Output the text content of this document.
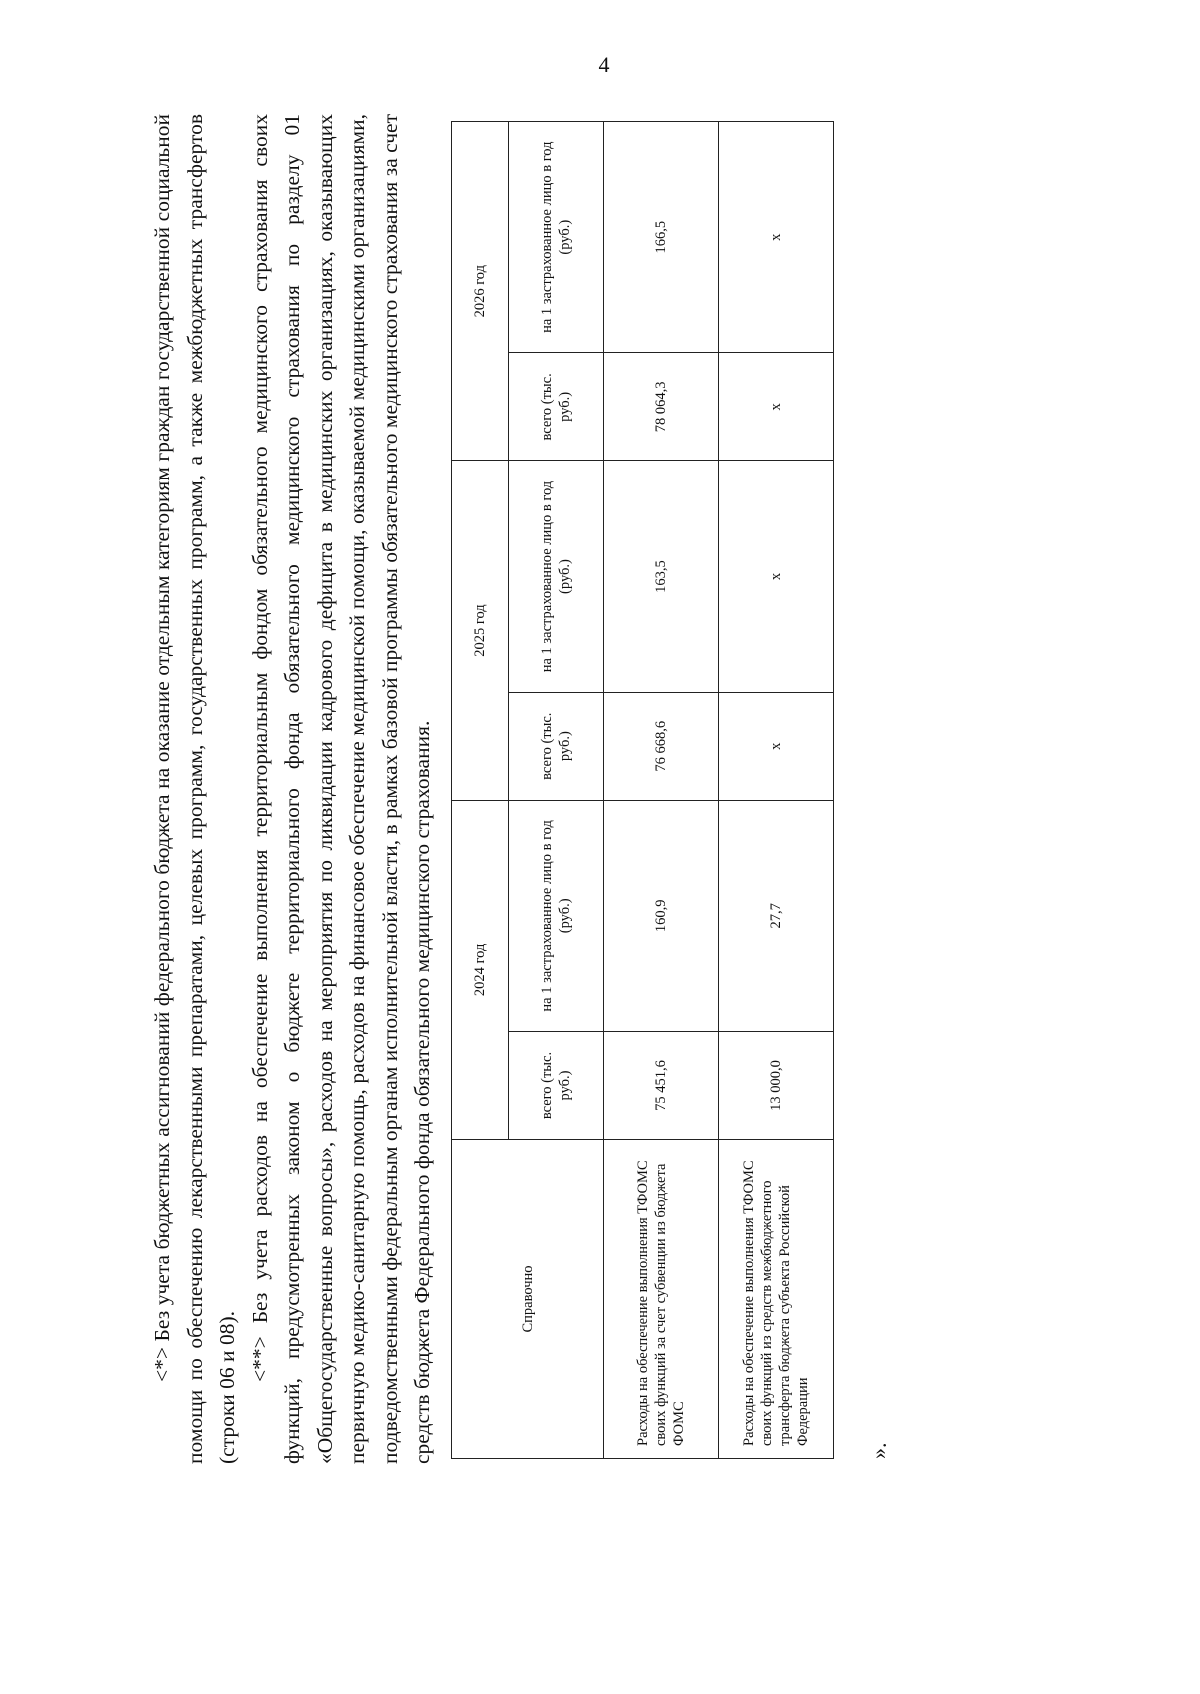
4

<*> Без учета бюджетных ассигнований федерального бюджета на оказание отдельным категориям граждан государственной социальной помощи по обеспечению лекарственными препаратами, целевых программ, государственных программ, а также межбюджетных трансфертов (строки 06 и 08).

<**> Без учета расходов на обеспечение выполнения территориальным фондом обязательного медицинского страхования своих функций, предусмотренных законом о бюджете территориального фонда обязательного медицинского страхования по разделу 01 «Общегосударственные вопросы», расходов на мероприятия по ликвидации кадрового дефицита в медицинских организациях, оказывающих первичную медико-санитарную помощь, расходов на финансовое обеспечение медицинской помощи, оказываемой медицинскими организациями, подведомственными федеральным органам исполнительной власти, в рамках базовой программы обязательного медицинского страхования за счет средств бюджета Федерального фонда обязательного медицинского страхования.	Справочно	2024 год		2025 год		2026 год	
	всего (тыс. руб.)	на 1 застрахованное лицо в год (руб.)	всего (тыс. руб.)	на 1 застрахованное лицо в год (руб.)	всего (тыс. руб.)	на 1 застрахованное лицо в год (руб.)
Расходы на обеспечение выполнения ТФОМС своих функций за счет субвенции из бюджета ФОМС	75 451,6	160,9	76 668,6	163,5	78 064,3	166,5
Расходы на обеспечение выполнения ТФОМС своих функций из средств межбюджетного трансферта бюджета субъекта Российской Федерации	13 000,0	27,7	x	x	x	x
».
